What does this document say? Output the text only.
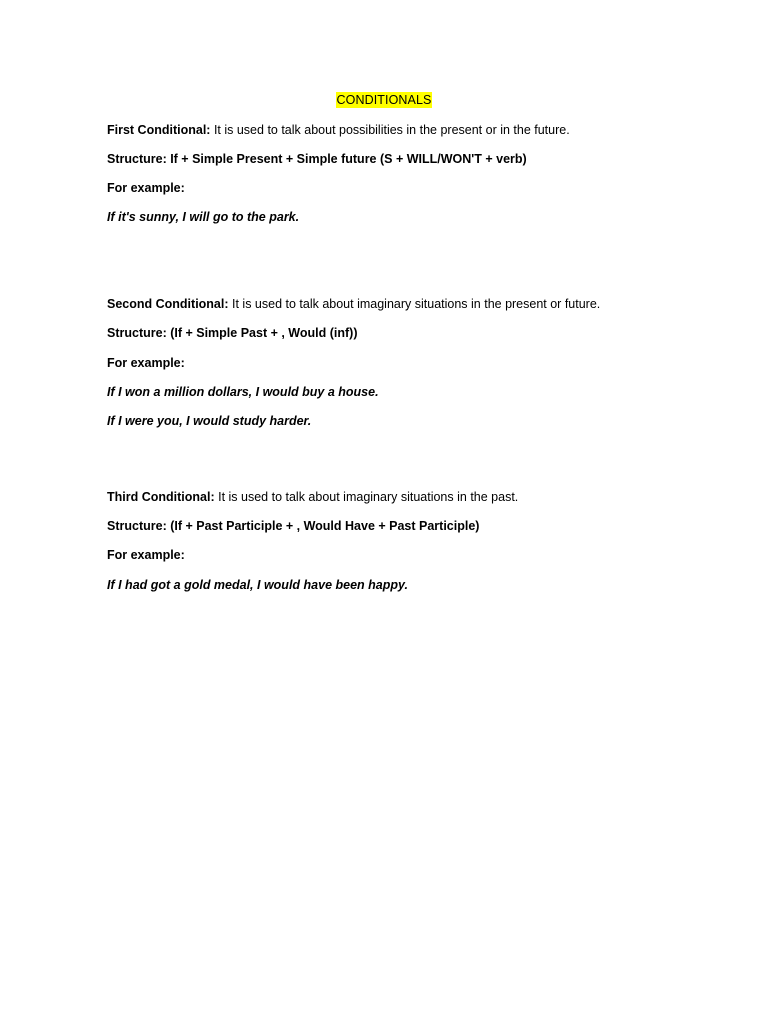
CONDITIONALS
First Conditional: It is used to talk about possibilities in the present or in the future.
Structure: If + Simple Present + Simple future (S + WILL/WON'T + verb)
For example:
If it's sunny, I will go to the park.
Second Conditional: It is used to talk about imaginary situations in the present or future.
Structure: (If + Simple Past + , Would (inf))
For example:
If I won a million dollars, I would buy a house.
If I were you, I would study harder.
Third Conditional: It is used to talk about imaginary situations in the past.
Structure: (If + Past Participle + , Would Have + Past Participle)
For example:
If I had got a gold medal, I would have been happy.
